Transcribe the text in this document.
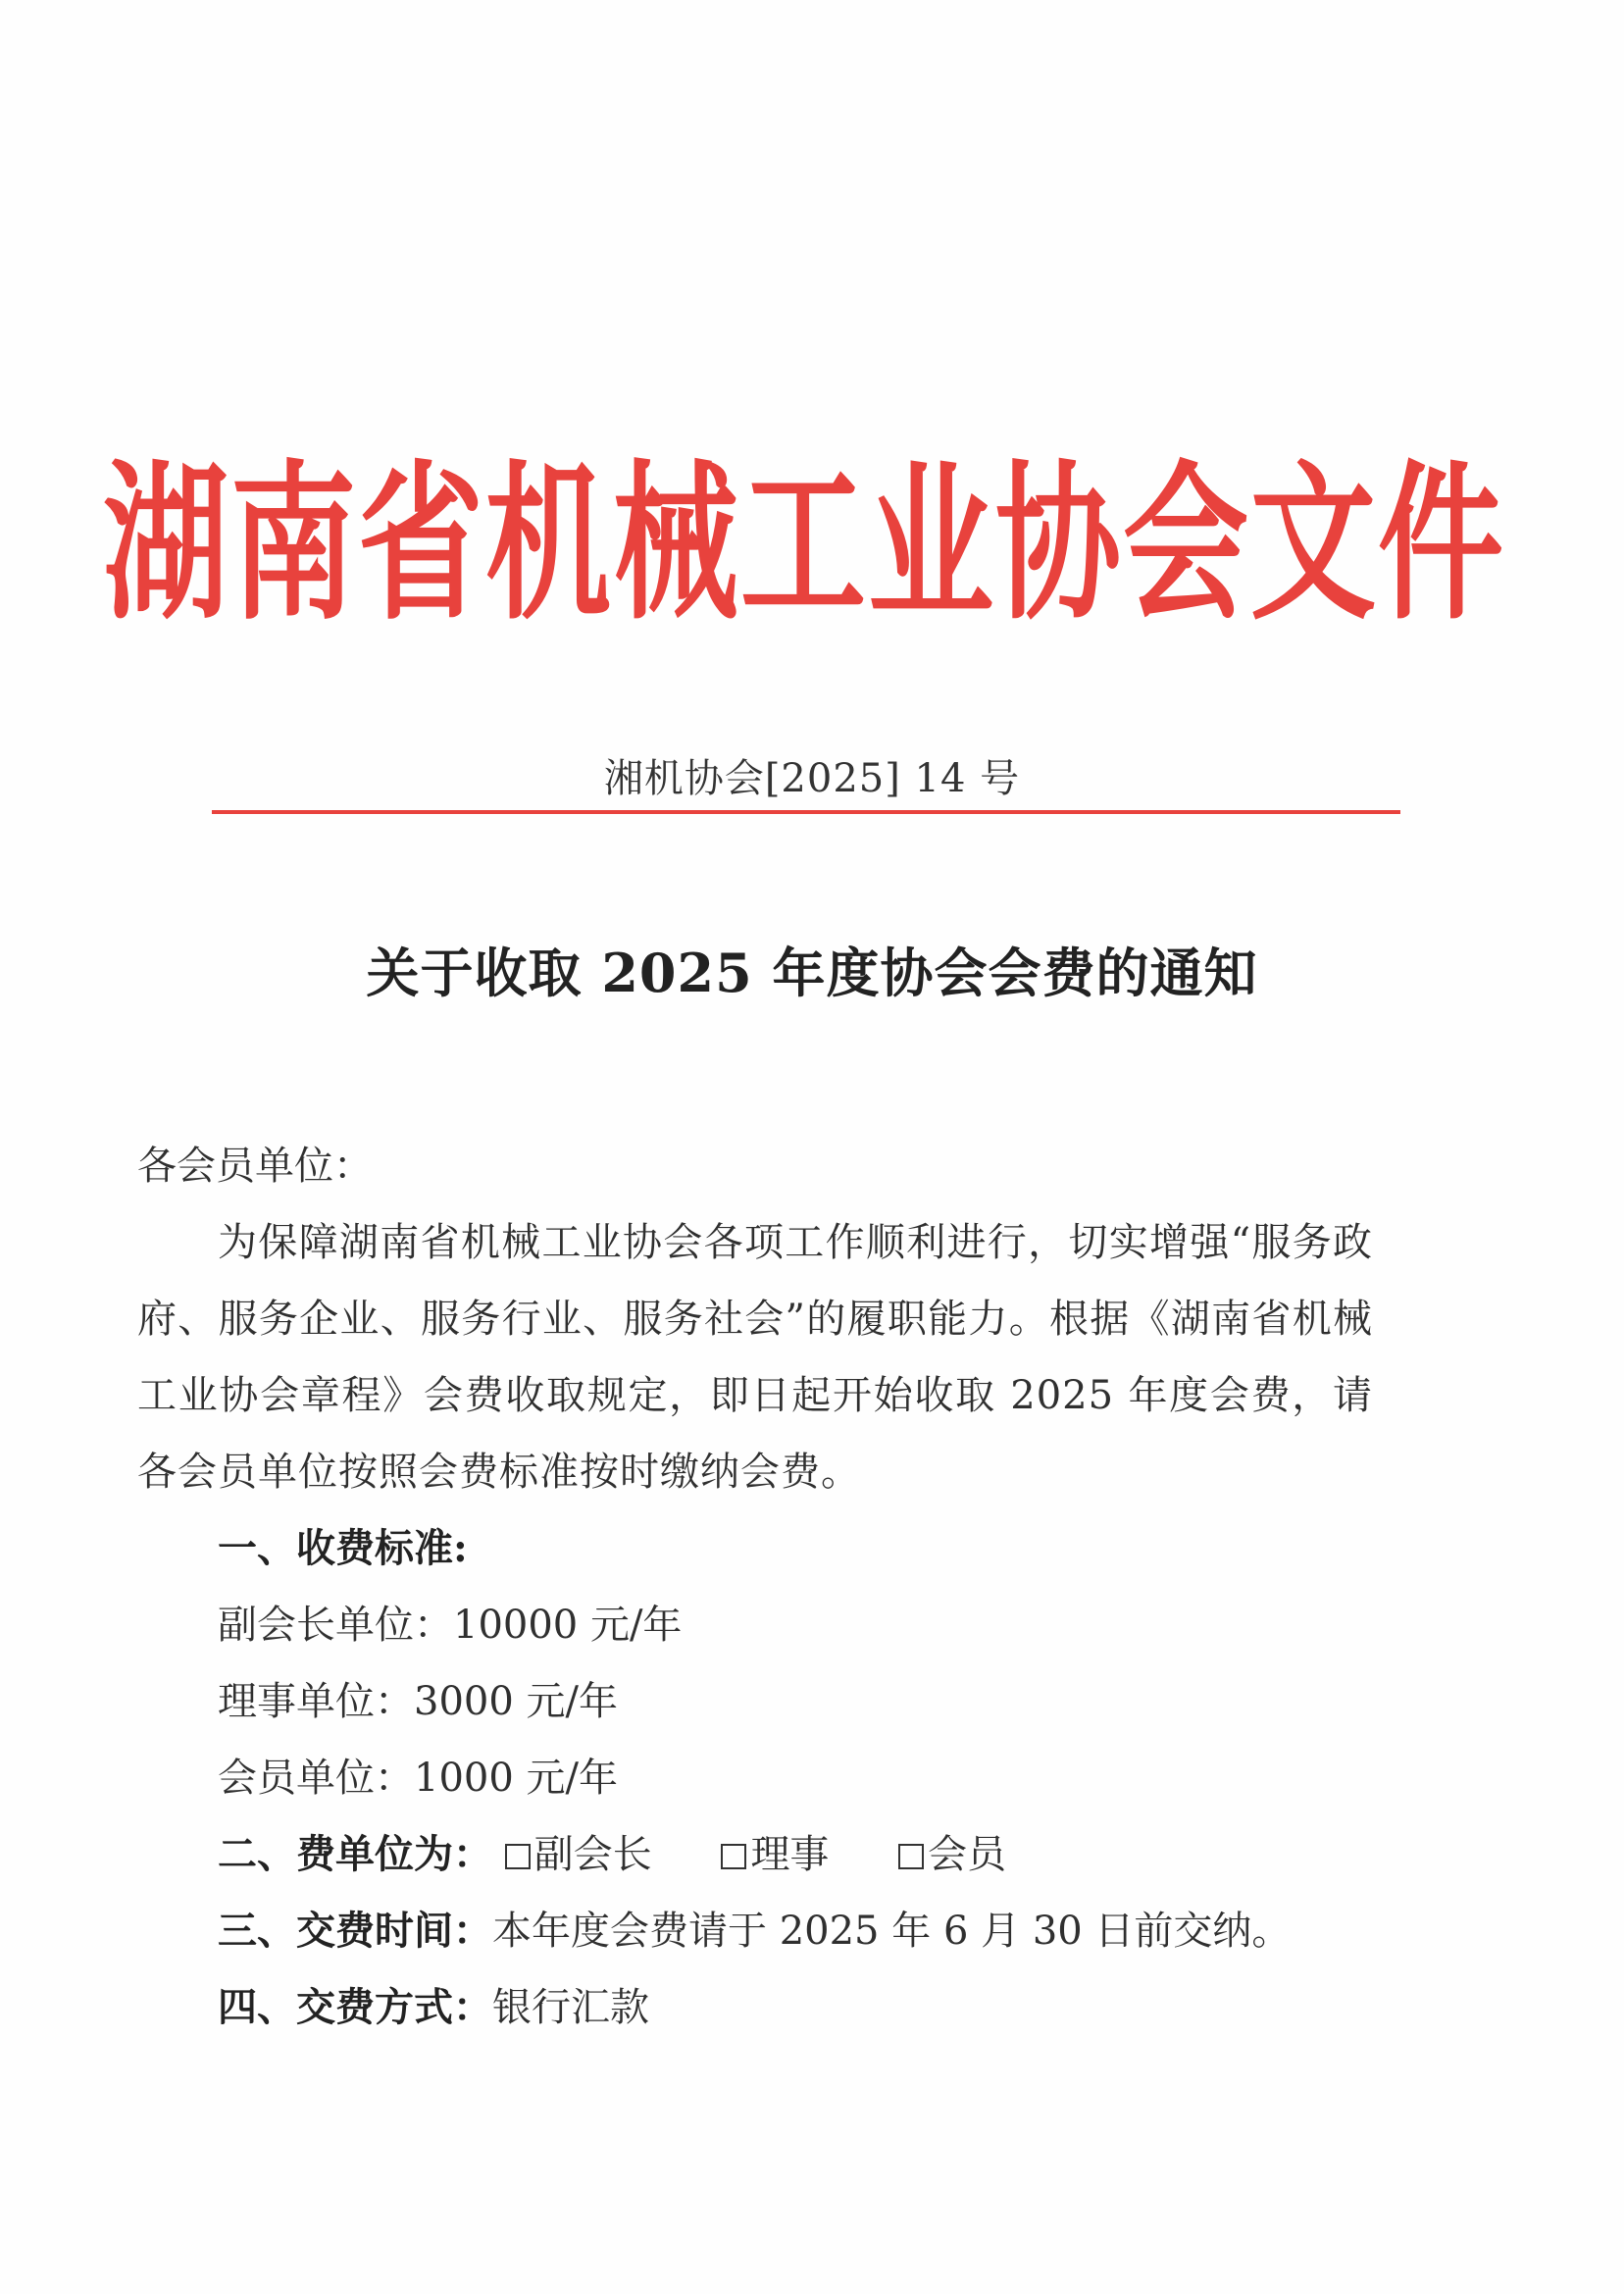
湖南省机械工业协会文件
湘机协会[2025] 14 号
关于收取 2025 年度协会会费的通知
各会员单位：
为保障湖南省机械工业协会各项工作顺利进行，切实增强“服务政府、服务企业、服务行业、服务社会”的履职能力。根据《湖南省机械工业协会章程》会费收取规定，即日起开始收取 2025 年度会费，请各会员单位按照会费标准按时缴纳会费。
一、收费标准:
副会长单位：10000 元/年
理事单位：3000 元/年
会员单位：1000 元/年
二、费单位为： 副会长	理事	会员
三、交费时间：本年度会费请于 2025 年 6 月 30 日前交纳。
四、交费方式：银行汇款
